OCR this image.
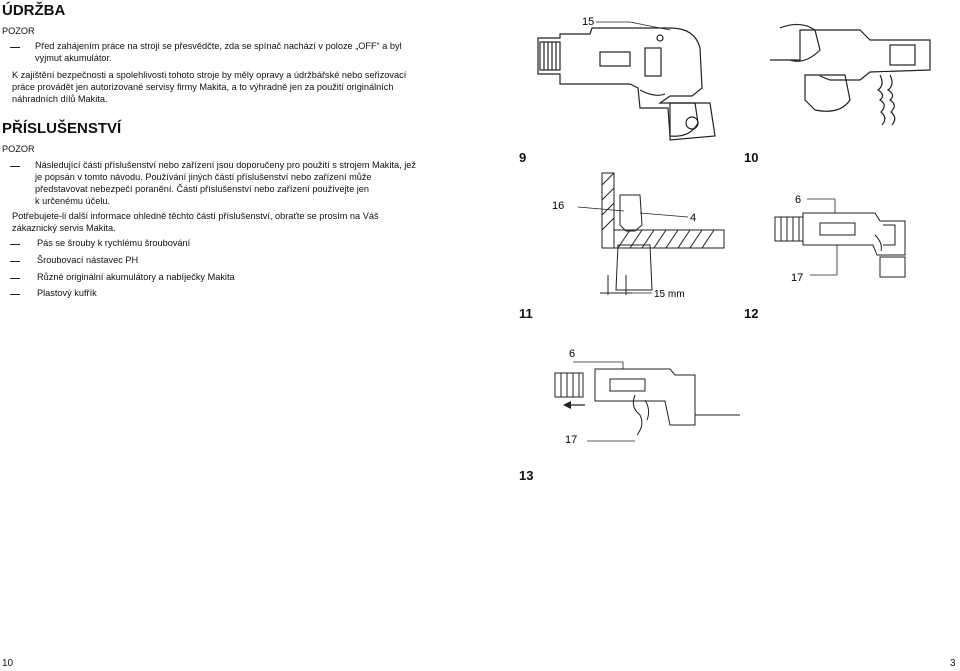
ÚDRŽBA
POZOR
Před zahájením práce na stroji se přesvědčte, zda se spínač nachází v poloze „OFF“ a byl
vyjmut akumulátor.
K zajištění bezpečnosti a spolehlivosti tohoto stroje by měly opravy a údržbářské nebo seřizovací
práce provádět jen autorizované servisy firmy Makita, a to výhradně jen za použití originálních
náhradních dílů Makita.
PŘÍSLUŠENSTVÍ
POZOR
Následující části příslušenství nebo zařízení jsou doporučeny pro použití s strojem Makita, jež
je popsán v tomto návodu. Používání jiných částí příslušenství nebo zařízení může
představovat nebezpečí poranění. Části příslušenství nebo zařízení používejte jen
k určenému účelu.
Potřebujete-li další informace ohledně těchto částí příslušenství, obraťte se prosím na Váš
zákaznický servis Makita.
Pás se šrouby k rychlému šroubování
Šroubovací nástavec PH
Různé originální akumulátory a nabíječky Makita
Plastový kufřík
15
9	10
11	12
13
16
4
15 mm
6
17
6
17
10	3
